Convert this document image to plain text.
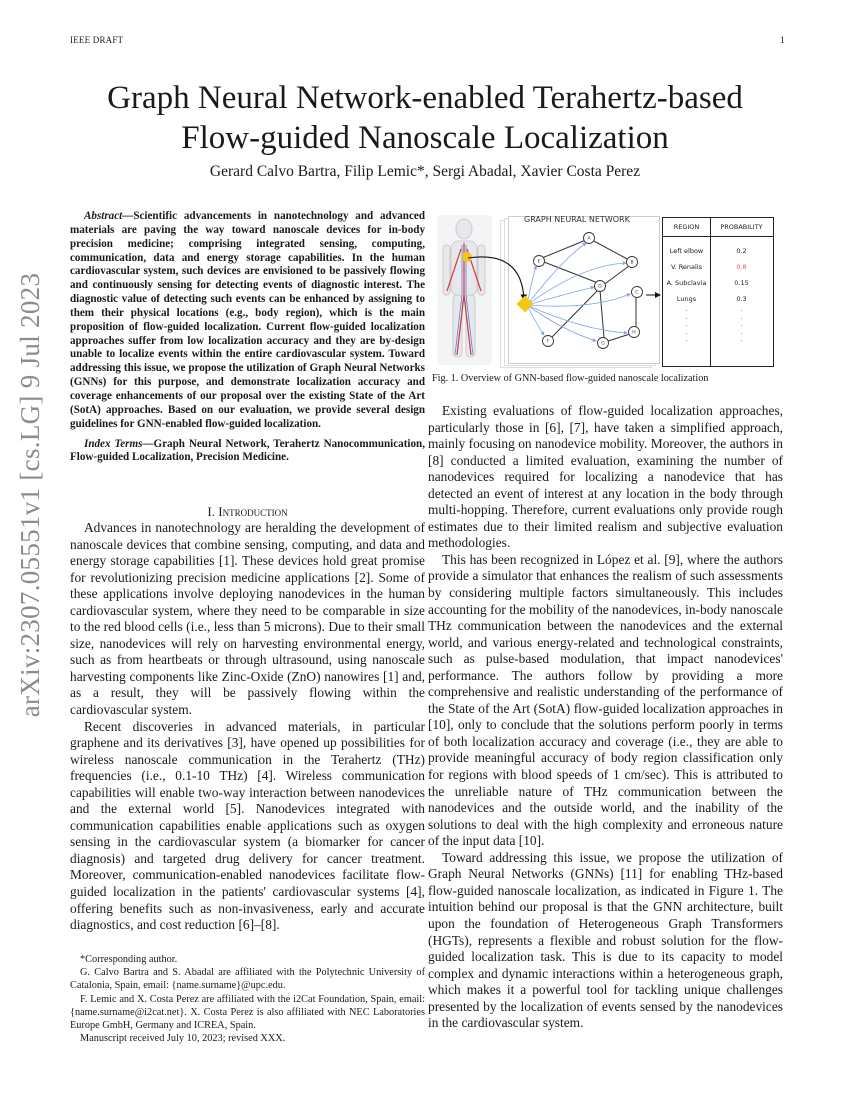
IEEE DRAFT	1
Graph Neural Network-enabled Terahertz-based
Flow-guided Nanoscale Localization
Gerard Calvo Bartra, Filip Lemic*, Sergi Abadal, Xavier Costa Perez
arXiv:2307.05551v1 [cs.LG] 9 Jul 2023

Abstract—Scientific advancements in nanotechnology and advanced materials are paving the way toward nanoscale devices for in-body precision medicine; comprising integrated sensing, computing, communication, data and energy storage capabilities. In the human cardiovascular system, such devices are envisioned to be passively flowing and continuously sensing for detecting events of diagnostic interest. The diagnostic value of detecting such events can be enhanced by assigning to them their physical locations (e.g., body region), which is the main proposition of flow-guided localization. Current flow-guided localization approaches suffer from low localization accuracy and they are by-design unable to localize events within the entire cardiovascular system. Toward addressing this issue, we propose the utilization of Graph Neural Networks (GNNs) for this purpose, and demonstrate localization accuracy and coverage enhancements of our proposal over the existing State of the Art (SotA) approaches. Based on our evaluation, we provide several design guidelines for GNN-enabled flow-guided localization.

Index Terms—Graph Neural Network, Terahertz Nanocommunication, Flow-guided Localization, Precision Medicine.

I. Introduction

Advances in nanotechnology are heralding the development of nanoscale devices that combine sensing, computing, and data and energy storage capabilities [1]. These devices hold great promise for revolutionizing precision medicine applications [2]. Some of these applications involve deploying nanodevices in the human cardiovascular system, where they need to be comparable in size to the red blood cells (i.e., less than 5 microns). Due to their small size, nanodevices will rely on harvesting environmental energy, such as from heartbeats or through ultrasound, using nanoscale harvesting components like Zinc-Oxide (ZnO) nanowires [1] and, as a result, they will be passively flowing within the cardiovascular system.

Recent discoveries in advanced materials, in particular graphene and its derivatives [3], have opened up possibilities for wireless nanoscale communication in the Terahertz (THz) frequencies (i.e., 0.1-10 THz) [4]. Wireless communication capabilities will enable two-way interaction between nanodevices and the external world [5]. Nanodevices integrated with communication capabilities enable applications such as oxygen sensing in the cardiovascular system (a biomarker for cancer diagnosis) and targeted drug delivery for cancer treatment. Moreover, communication-enabled nanodevices facilitate flow-guided localization in the patients' cardiovascular systems [4], offering benefits such as non-invasiveness, early and accurate diagnostics, and cost reduction [6]–[8].

*Corresponding author.

G. Calvo Bartra and S. Abadal are affiliated with the Polytechnic University of Catalonia, Spain, email: {name.surname}@upc.edu.

F. Lemic and X. Costa Perez are affiliated with the i2Cat Foundation, Spain, email: {name.surname@i2cat.net}. X. Costa Perez is also affiliated with NEC Laboratories Europe GmbH, Germany and ICREA, Spain.

Manuscript received July 10, 2023; revised XXX.

GRAPH NEURAL NETWORK
A
B
C
D
E
F	G
H
REGION	PROBABILITY
Left elbow	0.2
V. Renalis	0.8
A. Subclavia	0.15
Lungs	0.3
·
·
·
·
·
·
·
·
·
·
Fig. 1. Overview of GNN-based flow-guided nanoscale localization

Existing evaluations of flow-guided localization approaches, particularly those in [6], [7], have taken a simplified approach, mainly focusing on nanodevice mobility. Moreover, the authors in [8] conducted a limited evaluation, examining the number of nanodevices required for localizing a nanodevice that has detected an event of interest at any location in the body through multi-hopping. Therefore, current evaluations only provide rough estimates due to their limited realism and subjective evaluation methodologies.

This has been recognized in López et al. [9], where the authors provide a simulator that enhances the realism of such assessments by considering multiple factors simultaneously. This includes accounting for the mobility of the nanodevices, in-body nanoscale THz communication between the nanodevices and the external world, and various energy-related and technological constraints, such as pulse-based modulation, that impact nanodevices' performance. The authors follow by providing a more comprehensive and realistic understanding of the performance of the State of the Art (SotA) flow-guided localization approaches in [10], only to conclude that the solutions perform poorly in terms of both localization accuracy and coverage (i.e., they are able to provide meaningful accuracy of body region classification only for regions with blood speeds of 1 cm/sec). This is attributed to the unreliable nature of THz communication between the nanodevices and the outside world, and the inability of the solutions to deal with the high complexity and erroneous nature of the input data [10].

Toward addressing this issue, we propose the utilization of Graph Neural Networks (GNNs) [11] for enabling THz-based flow-guided nanoscale localization, as indicated in Figure 1. The intuition behind our proposal is that the GNN architecture, built upon the foundation of Heterogeneous Graph Transformers (HGTs), represents a flexible and robust solution for the flow-guided localization task. This is due to its capacity to model complex and dynamic interactions within a heterogeneous graph, which makes it a powerful tool for tackling unique challenges presented by the localization of events sensed by the nanodevices in the cardiovascular system.
